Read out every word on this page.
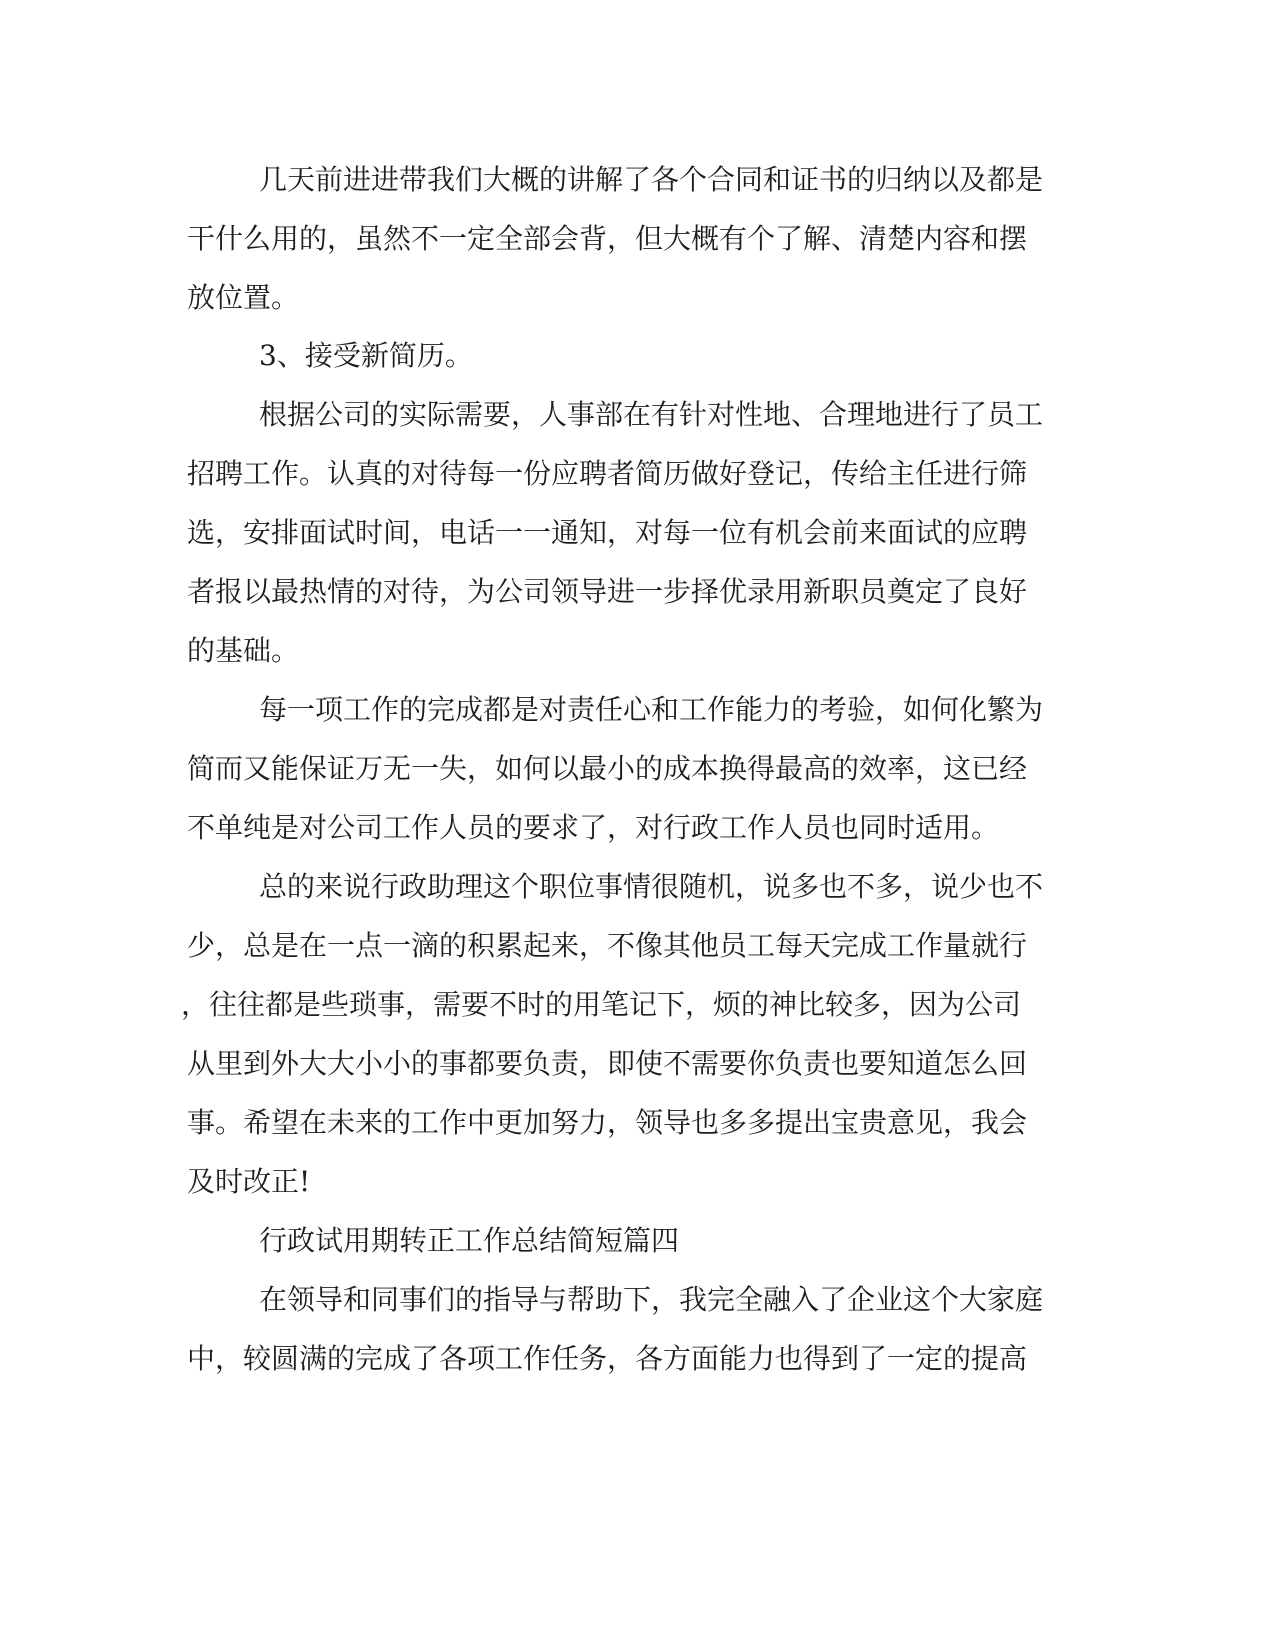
几天前进进带我们大概的讲解了各个合同和证书的归纳以及都是
干什么用的，虽然不一定全部会背，但大概有个了解、清楚内容和摆
放位置。
3、接受新简历。
根据公司的实际需要，人事部在有针对性地、合理地进行了员工
招聘工作。认真的对待每一份应聘者简历做好登记，传给主任进行筛
选，安排面试时间，电话一一通知，对每一位有机会前来面试的应聘
者报以最热情的对待，为公司领导进一步择优录用新职员奠定了良好
的基础。
每一项工作的完成都是对责任心和工作能力的考验，如何化繁为
简而又能保证万无一失，如何以最小的成本换得最高的效率，这已经
不单纯是对公司工作人员的要求了，对行政工作人员也同时适用。
总的来说行政助理这个职位事情很随机，说多也不多，说少也不
少，总是在一点一滴的积累起来，不像其他员工每天完成工作量就行
，往往都是些琐事，需要不时的用笔记下，烦的神比较多，因为公司
从里到外大大小小的事都要负责，即使不需要你负责也要知道怎么回
事。希望在未来的工作中更加努力，领导也多多提出宝贵意见，我会
及时改正!
行政试用期转正工作总结简短篇四
在领导和同事们的指导与帮助下，我完全融入了企业这个大家庭
中，较圆满的完成了各项工作任务，各方面能力也得到了一定的提高
